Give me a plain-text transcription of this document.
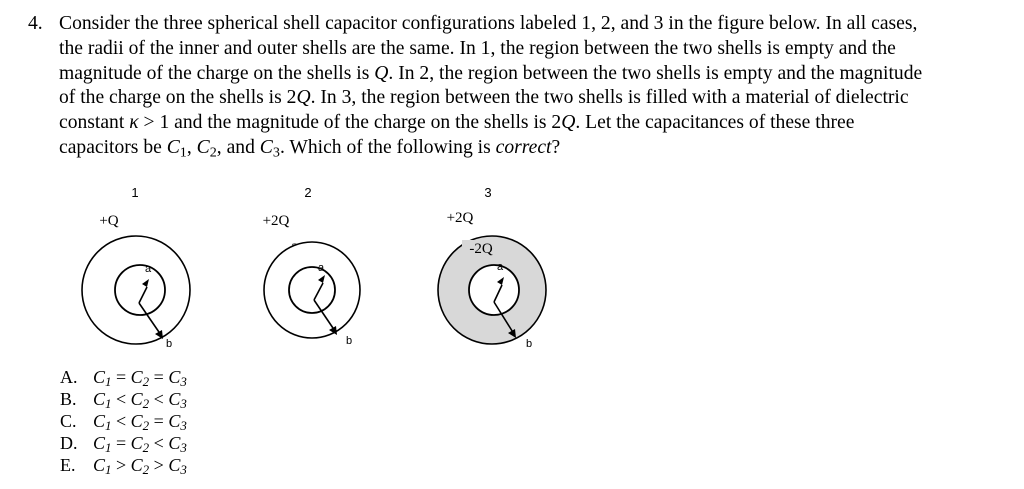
4. Consider the three spherical shell capacitor configurations labeled 1, 2, and 3 in the figure below. In all cases,
the radii of the inner and outer shells are the same. In 1, the region between the two shells is empty and the
magnitude of the charge on the shells is Q. In 2, the region between the two shells is empty and the magnitude
of the charge on the shells is 2Q. In 3, the region between the two shells is filled with a material of dielectric
constant κ > 1 and the magnitude of the charge on the shells is 2Q. Let the capacitances of these three
capacitors be $C_1$, $C_2$, and $C_3$. Which of the following is correct?
1
+Q
a
b
2
+2Q
a
b
3
+2Q
-2Q
a
b
A. $C_1 = C_2 = C_3$
B. $C_1 < C_2 < C_3$
C. $C_1 < C_2 = C_3$
D. $C_1 = C_2 < C_3$
E. $C_1 > C_2 > C_3$
